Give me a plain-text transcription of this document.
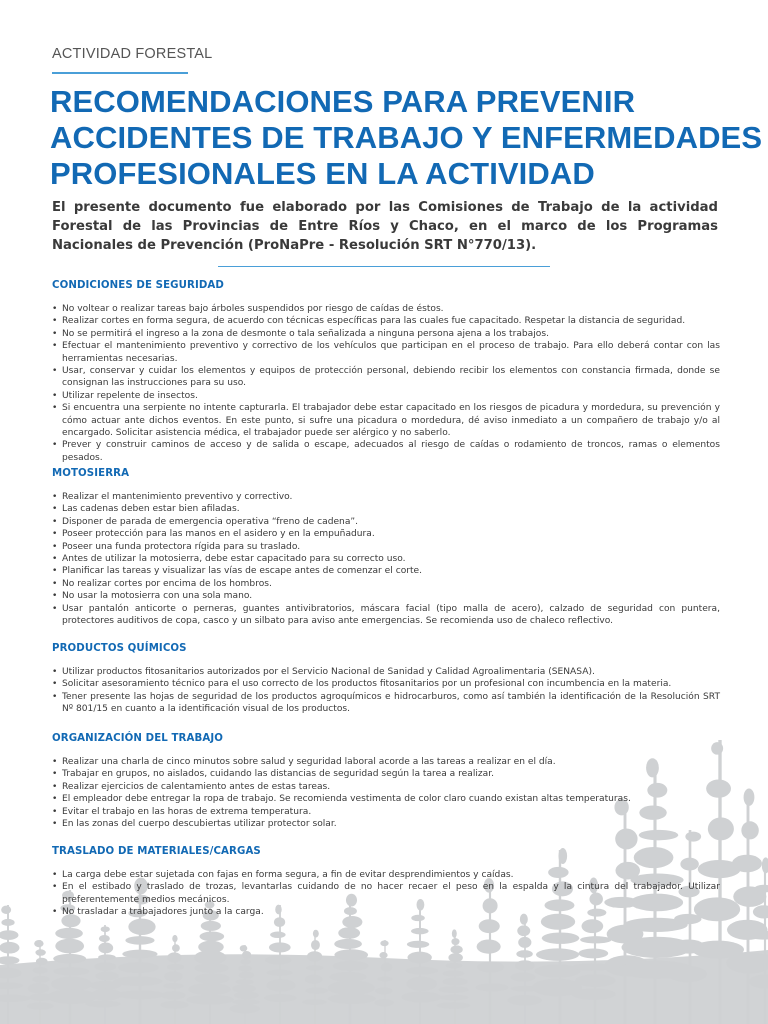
ACTIVIDAD FORESTAL
RECOMENDACIONES PARA PREVENIR
ACCIDENTES DE TRABAJO Y ENFERMEDADES
PROFESIONALES EN LA ACTIVIDAD

El presente documento fue elaborado por las Comisiones de Trabajo de la actividad Forestal de las Provincias de Entre Ríos y Chaco, en el marco de los Programas Nacionales de Prevención (ProNaPre - Resolución SRT N°770/13).

CONDICIONES DE SEGURIDAD
• No voltear o realizar tareas bajo árboles suspendidos por riesgo de caídas de éstos.
• Realizar cortes en forma segura, de acuerdo con técnicas específicas para las cuales fue capacitado. Respetar la distancia de seguridad.
• No se permitirá el ingreso a la zona de desmonte o tala señalizada a ninguna persona ajena a los trabajos.
• Efectuar el mantenimiento preventivo y correctivo de los vehículos que participan en el proceso de trabajo. Para ello deberá contar con las herramientas necesarias.
• Usar, conservar y cuidar los elementos y equipos de protección personal, debiendo recibir los elementos con constancia firmada, donde se consignan las instrucciones para su uso.
• Utilizar repelente de insectos.
• Si encuentra una serpiente no intente capturarla. El trabajador debe estar capacitado en los riesgos de picadura y mordedura, su prevención y cómo actuar ante dichos eventos. En este punto, si sufre una picadura o mordedura, dé aviso inmediato a un compañero de trabajo y/o al encargado. Solicitar asistencia médica, el trabajador puede ser alérgico y no saberlo.
• Prever y construir caminos de acceso y de salida o escape, adecuados al riesgo de caídas o rodamiento de troncos, ramas o elementos pesados.
MOTOSIERRA
• Realizar el mantenimiento preventivo y correctivo.
• Las cadenas deben estar bien afiladas.
• Disponer de parada de emergencia operativa “freno de cadena”.
• Poseer protección para las manos en el asidero y en la empuñadura.
• Poseer una funda protectora rígida para su traslado.
• Antes de utilizar la motosierra, debe estar capacitado para su correcto uso.
• Planificar las tareas y visualizar las vías de escape antes de comenzar el corte.
• No realizar cortes por encima de los hombros.
• No usar la motosierra con una sola mano.
• Usar pantalón anticorte o perneras, guantes antivibratorios, máscara facial (tipo malla de acero), calzado de seguridad con puntera, protectores auditivos de copa, casco y un silbato para aviso ante emergencias. Se recomienda uso de chaleco reflectivo.
PRODUCTOS QUÍMICOS
• Utilizar productos fitosanitarios autorizados por el Servicio Nacional de Sanidad y Calidad Agroalimentaria (SENASA).
• Solicitar asesoramiento técnico para el uso correcto de los productos fitosanitarios por un profesional con incumbencia en la materia.
• Tener presente las hojas de seguridad de los productos agroquímicos e hidrocarburos, como así también la identificación de la Resolución SRT Nº 801/15 en cuanto a la identificación visual de los productos.
ORGANIZACIÓN DEL TRABAJO
• Realizar una charla de cinco minutos sobre salud y seguridad laboral acorde a las tareas a realizar en el día.
• Trabajar en grupos, no aislados, cuidando las distancias de seguridad según la tarea a realizar.
• Realizar ejercicios de calentamiento antes de estas tareas.
• El empleador debe entregar la ropa de trabajo. Se recomienda vestimenta de color claro cuando existan altas temperaturas.
• Evitar el trabajo en las horas de extrema temperatura.
• En las zonas del cuerpo descubiertas utilizar protector solar.
TRASLADO DE MATERIALES/CARGAS
• La carga debe estar sujetada con fajas en forma segura, a fin de evitar desprendimientos y caídas.
• En el estibado y traslado de trozas, levantarlas cuidando de no hacer recaer el peso en la espalda y la cintura del trabajador. Utilizar preferentemente medios mecánicos.
• No trasladar a trabajadores junto a la carga.
